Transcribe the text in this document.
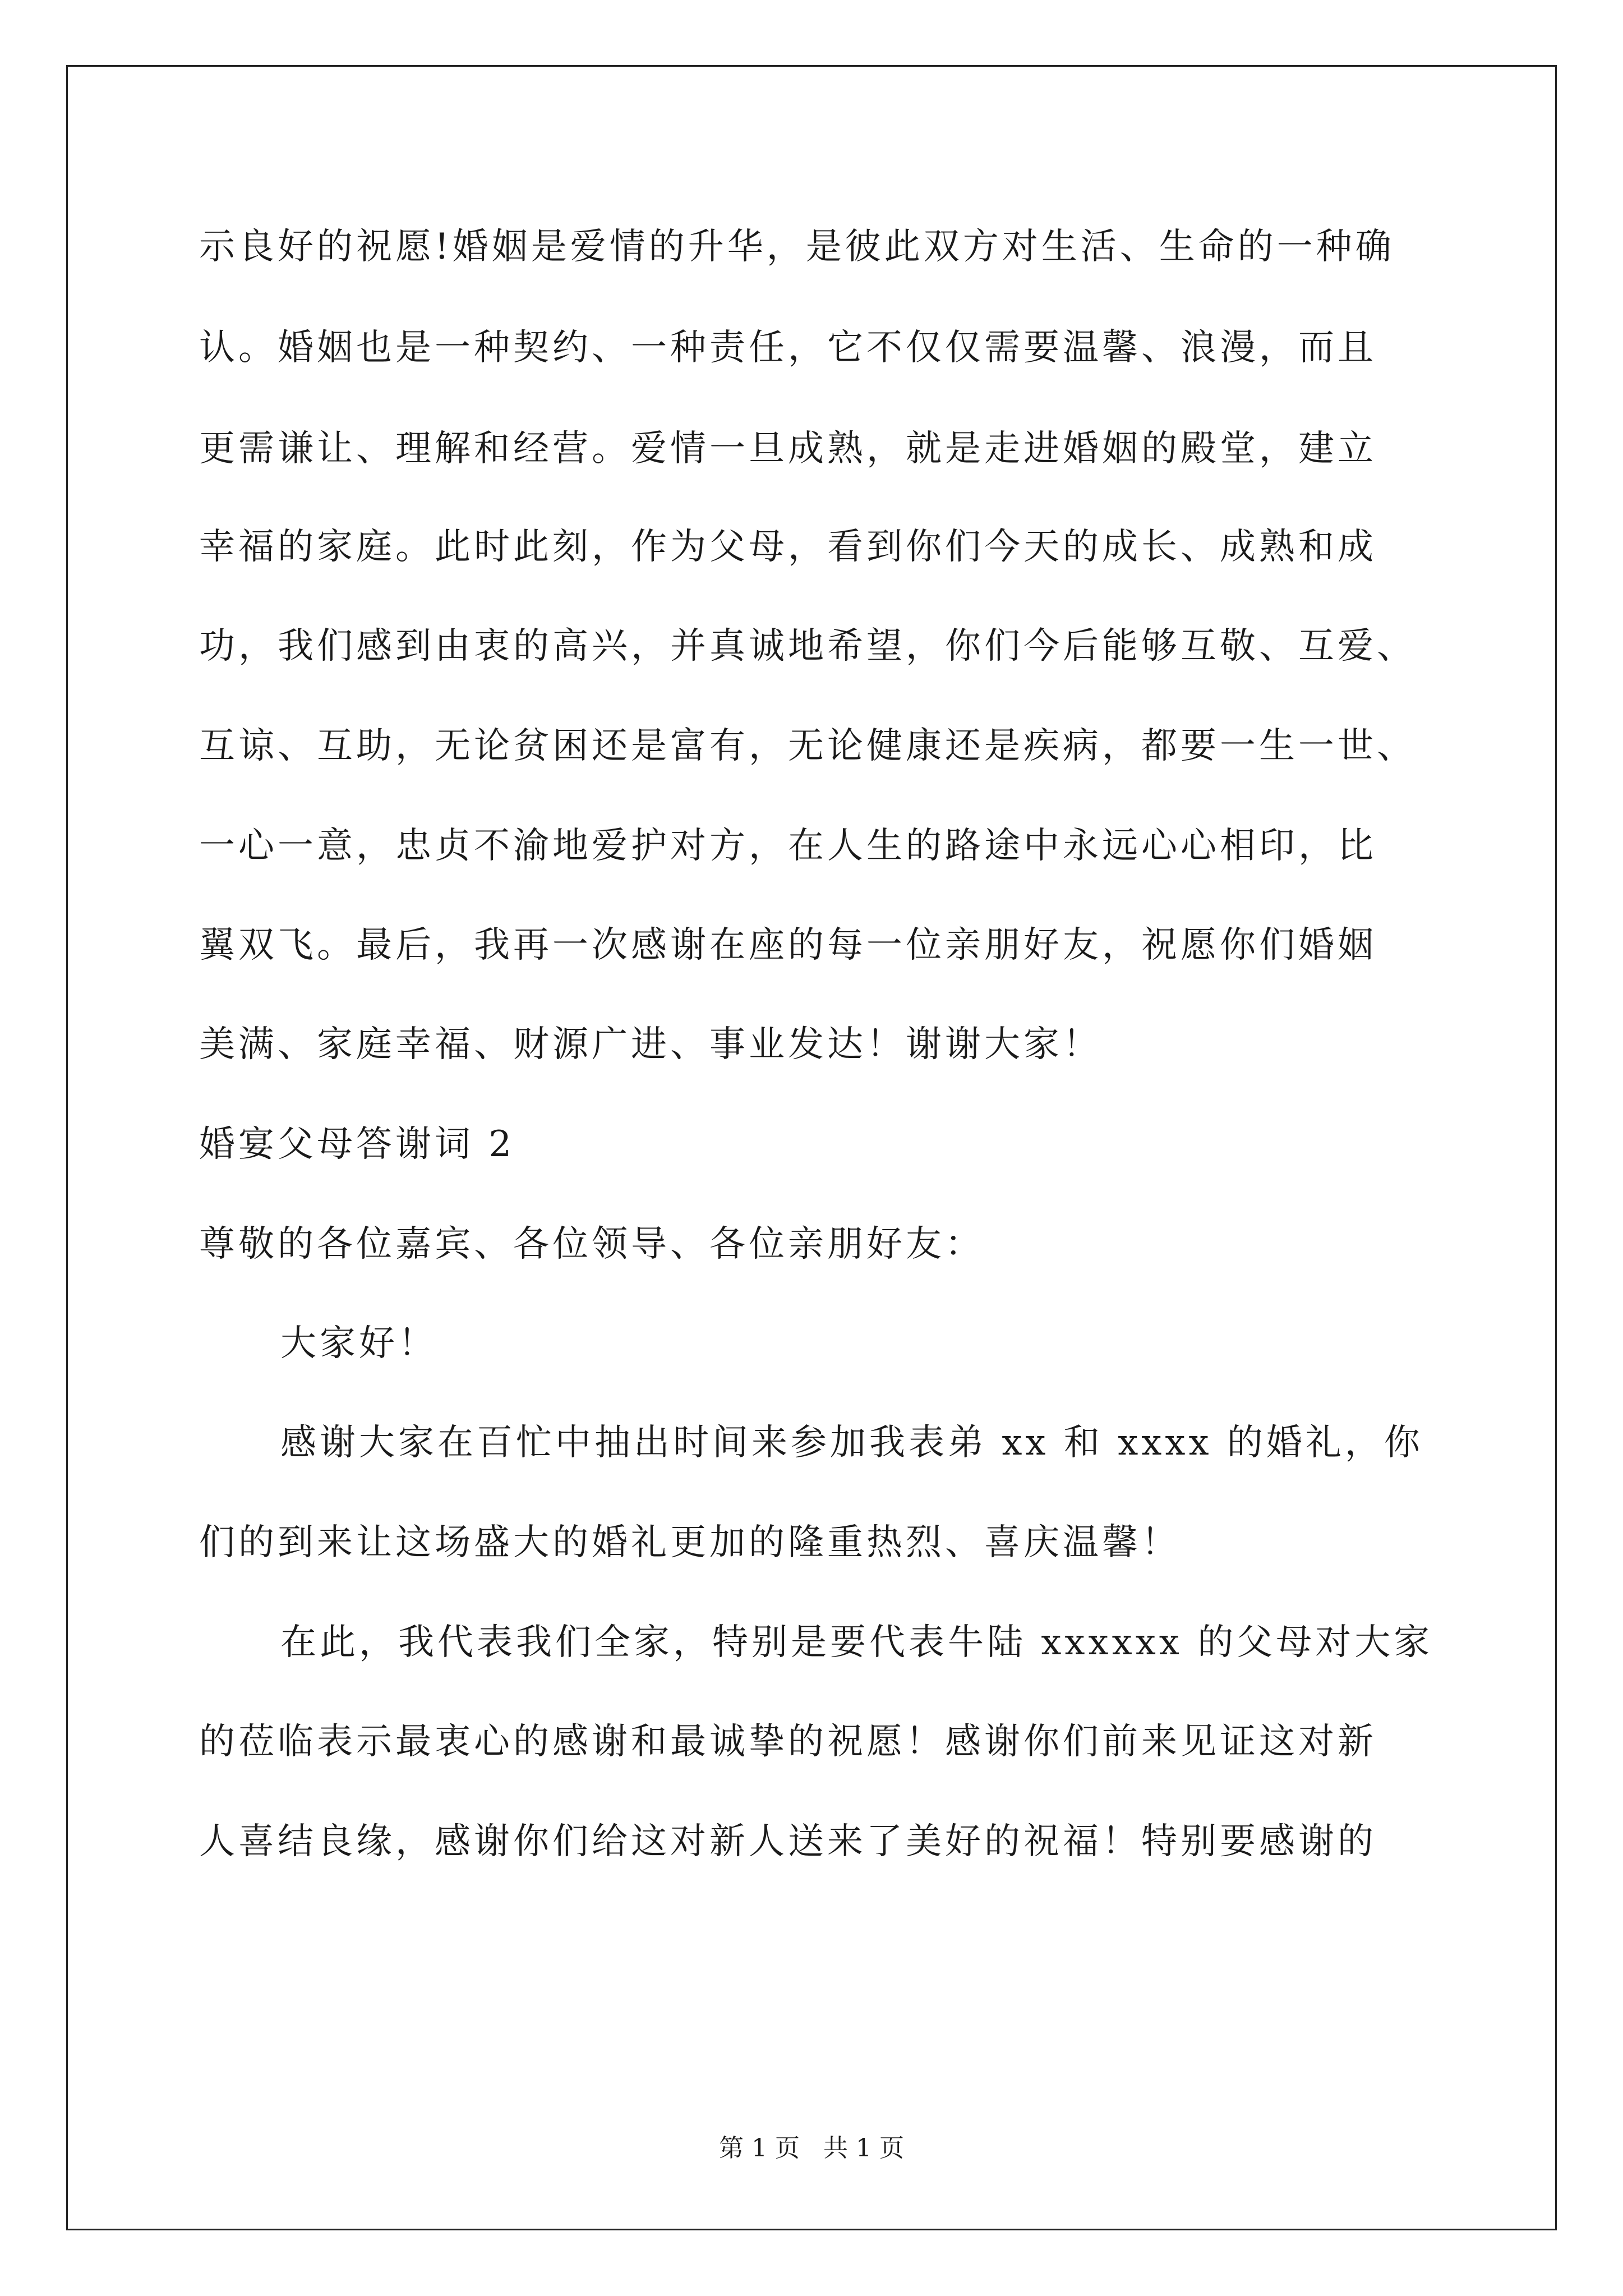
示良好的祝愿!婚姻是爱情的升华，是彼此双方对生活、生命的一种确
认。婚姻也是一种契约、一种责任，它不仅仅需要温馨、浪漫，而且
更需谦让、理解和经营。爱情一旦成熟，就是走进婚姻的殿堂，建立
幸福的家庭。此时此刻，作为父母，看到你们今天的成长、成熟和成
功，我们感到由衷的高兴，并真诚地希望，你们今后能够互敬、互爱、
互谅、互助，无论贫困还是富有，无论健康还是疾病，都要一生一世、
一心一意，忠贞不渝地爱护对方，在人生的路途中永远心心相印，比
翼双飞。最后，我再一次感谢在座的每一位亲朋好友，祝愿你们婚姻
美满、家庭幸福、财源广进、事业发达！谢谢大家！
婚宴父母答谢词 2
尊敬的各位嘉宾、各位领导、各位亲朋好友：
大家好！
感谢大家在百忙中抽出时间来参加我表弟 xx 和 xxxx 的婚礼，你
们的到来让这场盛大的婚礼更加的隆重热烈、喜庆温馨！
在此，我代表我们全家，特别是要代表牛陆 xxxxxx 的父母对大家
的莅临表示最衷心的感谢和最诚挚的祝愿！感谢你们前来见证这对新
人喜结良缘，感谢你们给这对新人送来了美好的祝福！特别要感谢的
第 1 页   共 1 页
